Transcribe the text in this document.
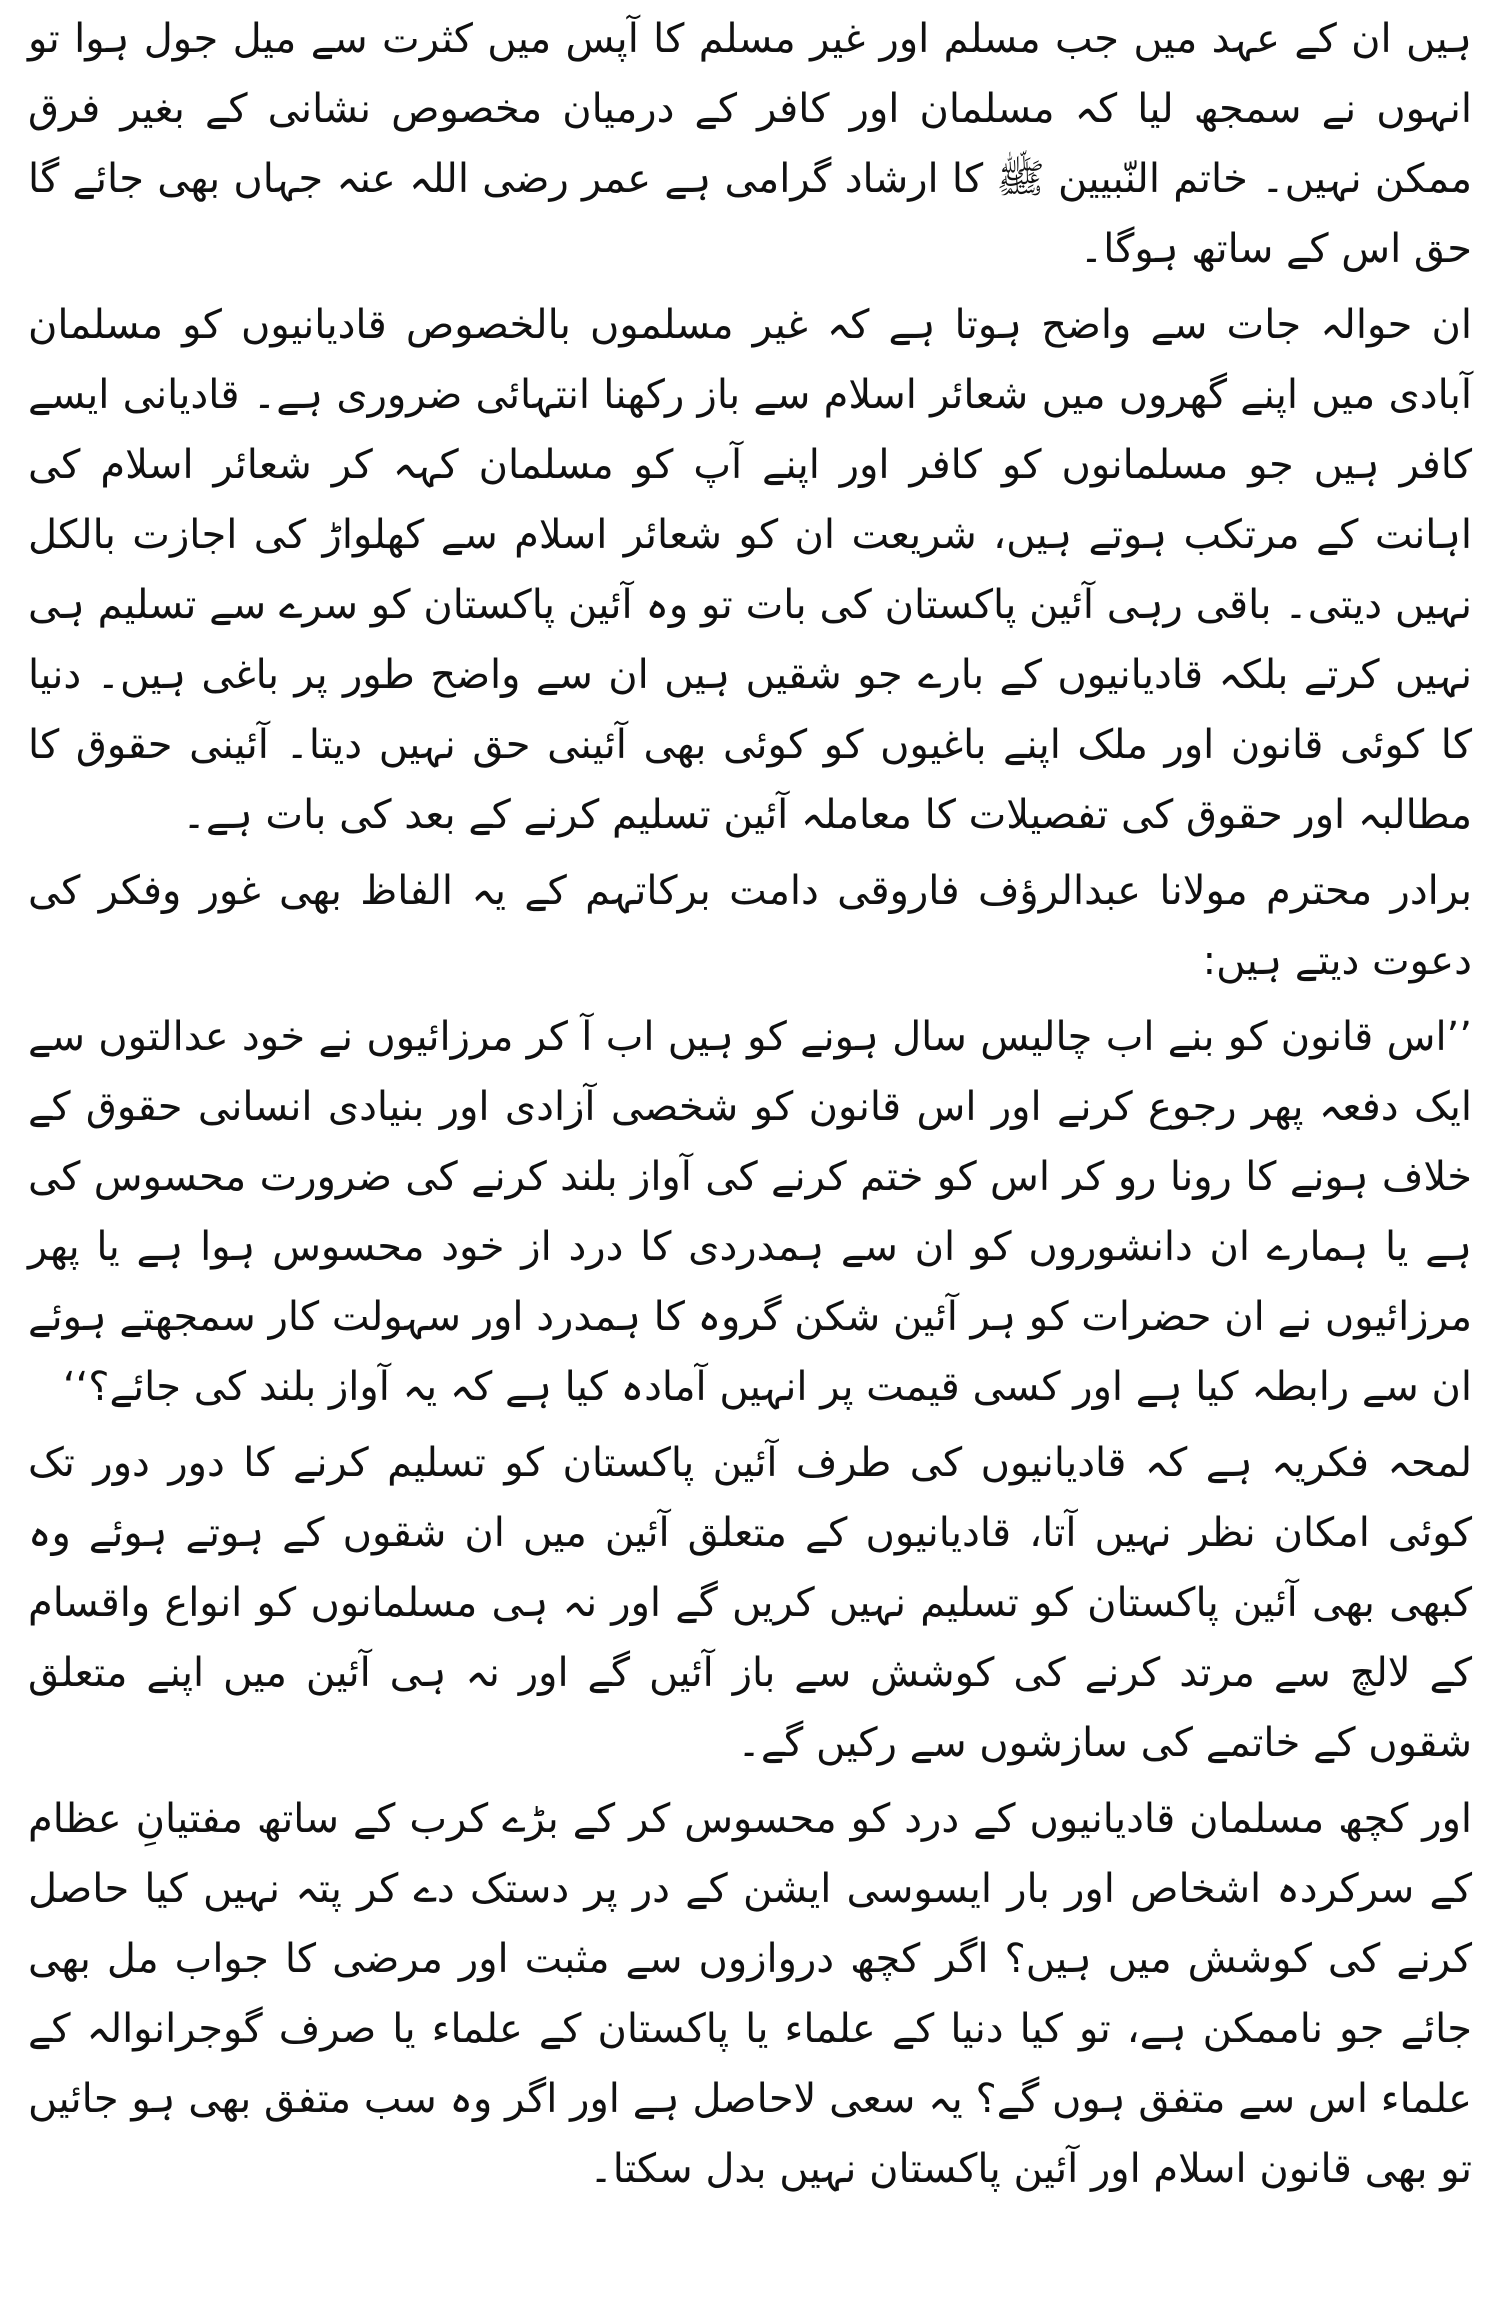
ہیں ان کے عہد میں جب مسلم اور غیر مسلم کا آپس میں کثرت سے میل جول ہوا تو انہوں نے سمجھ لیا کہ مسلمان اور کافر کے درمیان مخصوص نشانی کے بغیر فرق ممکن نہیں۔ خاتم النّبیین ﷺ کا ارشاد گرامی ہے عمر رضی اللہ عنہ جہاں بھی جائے گا حق اس کے ساتھ ہوگا۔

ان حوالہ جات سے واضح ہوتا ہے کہ غیر مسلموں بالخصوص قادیانیوں کو مسلمان آبادی میں اپنے گھروں میں شعائر اسلام سے باز رکھنا انتہائی ضروری ہے۔ قادیانی ایسے کافر ہیں جو مسلمانوں کو کافر اور اپنے آپ کو مسلمان کہہ کر شعائر اسلام کی اہانت کے مرتکب ہوتے ہیں، شریعت ان کو شعائر اسلام سے کھلواڑ کی اجازت بالکل نہیں دیتی۔ باقی رہی آئین پاکستان کی بات تو وہ آئین پاکستان کو سرے سے تسلیم ہی نہیں کرتے بلکہ قادیانیوں کے بارے جو شقیں ہیں ان سے واضح طور پر باغی ہیں۔ دنیا کا کوئی قانون اور ملک اپنے باغیوں کو کوئی بھی آئینی حق نہیں دیتا۔ آئینی حقوق کا مطالبہ اور حقوق کی تفصیلات کا معاملہ آئین تسلیم کرنے کے بعد کی بات ہے۔

برادر محترم مولانا عبدالرؤف فاروقی دامت برکاتہم کے یہ الفاظ بھی غور وفکر کی دعوت دیتے ہیں:

’’اس قانون کو بنے اب چالیس سال ہونے کو ہیں اب آ کر مرزائیوں نے خود عدالتوں سے ایک دفعہ پھر رجوع کرنے اور اس قانون کو شخصی آزادی اور بنیادی انسانی حقوق کے خلاف ہونے کا رونا رو کر اس کو ختم کرنے کی آواز بلند کرنے کی ضرورت محسوس کی ہے یا ہمارے ان دانشوروں کو ان سے ہمدردی کا درد از خود محسوس ہوا ہے یا پھر مرزائیوں نے ان حضرات کو ہر آئین شکن گروہ کا ہمدرد اور سہولت کار سمجھتے ہوئے ان سے رابطہ کیا ہے اور کسی قیمت پر انہیں آمادہ کیا ہے کہ یہ آواز بلند کی جائے؟‘‘

لمحہ فکریہ ہے کہ قادیانیوں کی طرف آئین پاکستان کو تسلیم کرنے کا دور دور تک کوئی امکان نظر نہیں آتا، قادیانیوں کے متعلق آئین میں ان شقوں کے ہوتے ہوئے وہ کبھی بھی آئین پاکستان کو تسلیم نہیں کریں گے اور نہ ہی مسلمانوں کو انواع واقسام کے لالچ سے مرتد کرنے کی کوشش سے باز آئیں گے اور نہ ہی آئین میں اپنے متعلق شقوں کے خاتمے کی سازشوں سے رکیں گے۔

اور کچھ مسلمان قادیانیوں کے درد کو محسوس کر کے بڑے کرب کے ساتھ مفتیانِ عظام کے سرکردہ اشخاص اور بار ایسوسی ایشن کے در پر دستک دے کر پتہ نہیں کیا حاصل کرنے کی کوشش میں ہیں؟ اگر کچھ دروازوں سے مثبت اور مرضی کا جواب مل بھی جائے جو ناممکن ہے، تو کیا دنیا کے علماء یا پاکستان کے علماء یا صرف گوجرانوالہ کے علماء اس سے متفق ہوں گے؟ یہ سعی لاحاصل ہے اور اگر وہ سب متفق بھی ہو جائیں تو بھی قانون اسلام اور آئین پاکستان نہیں بدل سکتا۔
